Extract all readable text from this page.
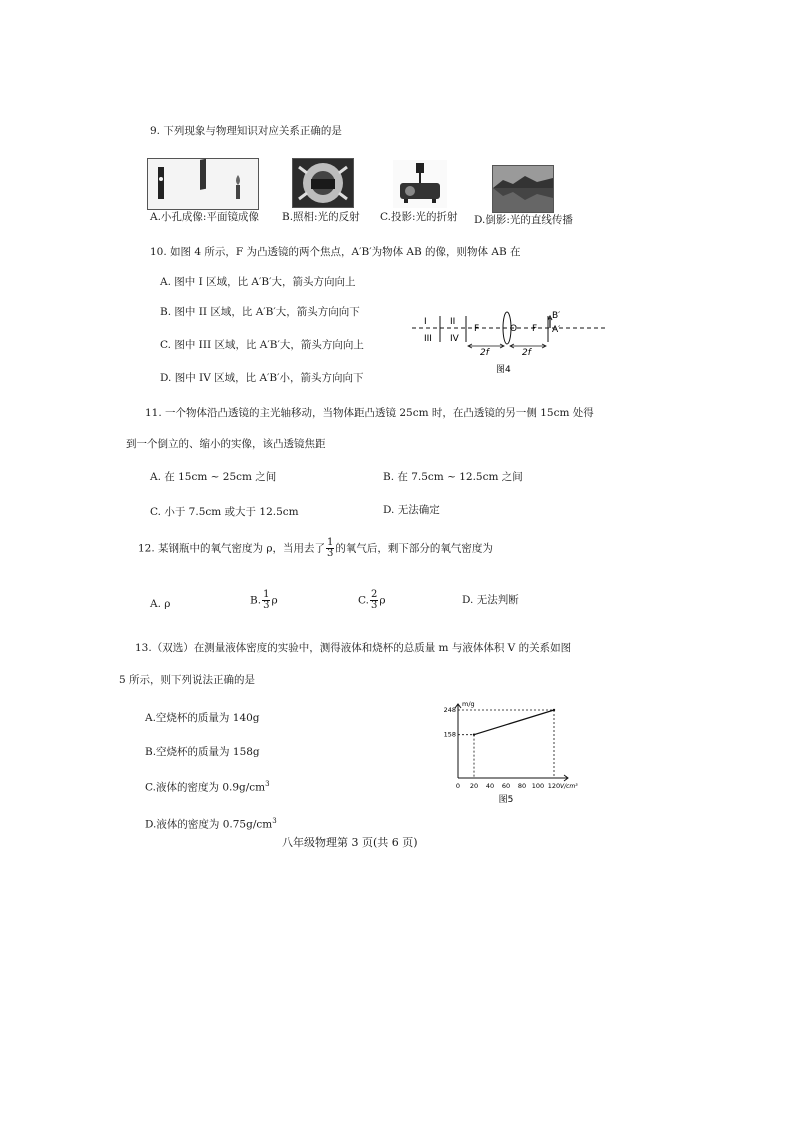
9. 下列现象与物理知识对应关系正确的是
A.小孔成像:平面镜成像 B.照相:光的反射 C.投影:光的折射 D.倒影:光的直线传播
10. 如图 4 所示，F 为凸透镜的两个焦点，A′B′为物体 AB 的像，则物体 AB 在
A. 图中 I 区域，比 A′B′大，箭头方向向上
B. 图中 II 区域，比 A′B′大，箭头方向向下
C. 图中 III 区域，比 A′B′大，箭头方向向上
D. 图中 IV 区域，比 A′B′小，箭头方向向下
I
III
II
IV
F	O F
B′
A′
2f	2f
图4
11. 一个物体沿凸透镜的主光轴移动，当物体距凸透镜 25cm 时，在凸透镜的另一侧 15cm 处得
到一个倒立的、缩小的实像，该凸透镜焦距
A. 在 15cm ~ 25cm 之间	B. 在 7.5cm ~ 12.5cm 之间
C. 小于 7.5cm 或大于 12.5cm	D. 无法确定
12. 某钢瓶中的氧气密度为 ρ，当用去了 $\frac{1}{3}$ 的氧气后，剩下部分的氧气密度为
A. ρ	B. $\frac{1}{3}$ ρ	C. $\frac{2}{3}$ ρ	D. 无法判断
13.（双选）在测量液体密度的实验中，测得液体和烧杯的总质量 m 与液体体积 V 的关系如图
5 所示，则下列说法正确的是
A.空烧杯的质量为 140g
B.空烧杯的质量为 158g
C.液体的密度为 $0.9g/cm^3$
D.液体的密度为 $0.75g/cm^3$
0 20 40 60 80 100 120
158
248
m/g
V/cm³
图5
八年级物理第 3 页(共 6 页)
